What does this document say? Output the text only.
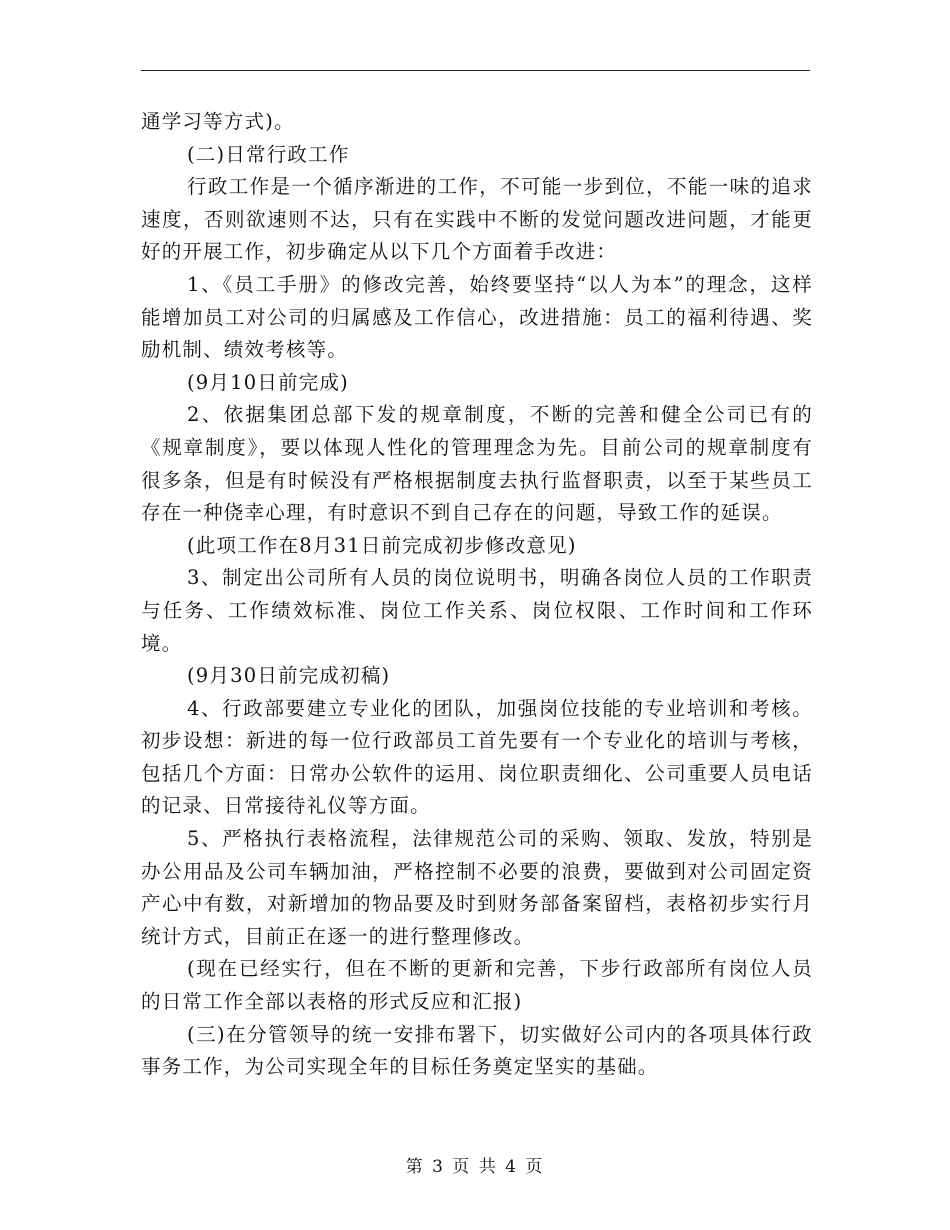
通学习等方式)。

(二)日常行政工作

行政工作是一个循序渐进的工作，不可能一步到位，不能一味的追求速度，否则欲速则不达，只有在实践中不断的发觉问题改进问题，才能更好的开展工作，初步确定从以下几个方面着手改进：

1、《员工手册》的修改完善，始终要坚持“以人为本”的理念，这样能增加员工对公司的归属感及工作信心，改进措施：员工的福利待遇、奖励机制、绩效考核等。

(9月10日前完成)

2、依据集团总部下发的规章制度，不断的完善和健全公司已有的《规章制度》，要以体现人性化的管理理念为先。目前公司的规章制度有很多条，但是有时候没有严格根据制度去执行监督职责，以至于某些员工存在一种侥幸心理，有时意识不到自己存在的问题，导致工作的延误。

(此项工作在8月31日前完成初步修改意见)

3、制定出公司所有人员的岗位说明书，明确各岗位人员的工作职责与任务、工作绩效标准、岗位工作关系、岗位权限、工作时间和工作环境。

(9月30日前完成初稿)

4、行政部要建立专业化的团队，加强岗位技能的专业培训和考核。初步设想：新进的每一位行政部员工首先要有一个专业化的培训与考核，包括几个方面：日常办公软件的运用、岗位职责细化、公司重要人员电话的记录、日常接待礼仪等方面。

5、严格执行表格流程，法律规范公司的采购、领取、发放，特别是办公用品及公司车辆加油，严格控制不必要的浪费，要做到对公司固定资产心中有数，对新增加的物品要及时到财务部备案留档，表格初步实行月统计方式，目前正在逐一的进行整理修改。

(现在已经实行，但在不断的更新和完善，下步行政部所有岗位人员的日常工作全部以表格的形式反应和汇报)

(三)在分管领导的统一安排布署下，切实做好公司内的各项具体行政事务工作，为公司实现全年的目标任务奠定坚实的基础。

第 3 页 共 4 页
